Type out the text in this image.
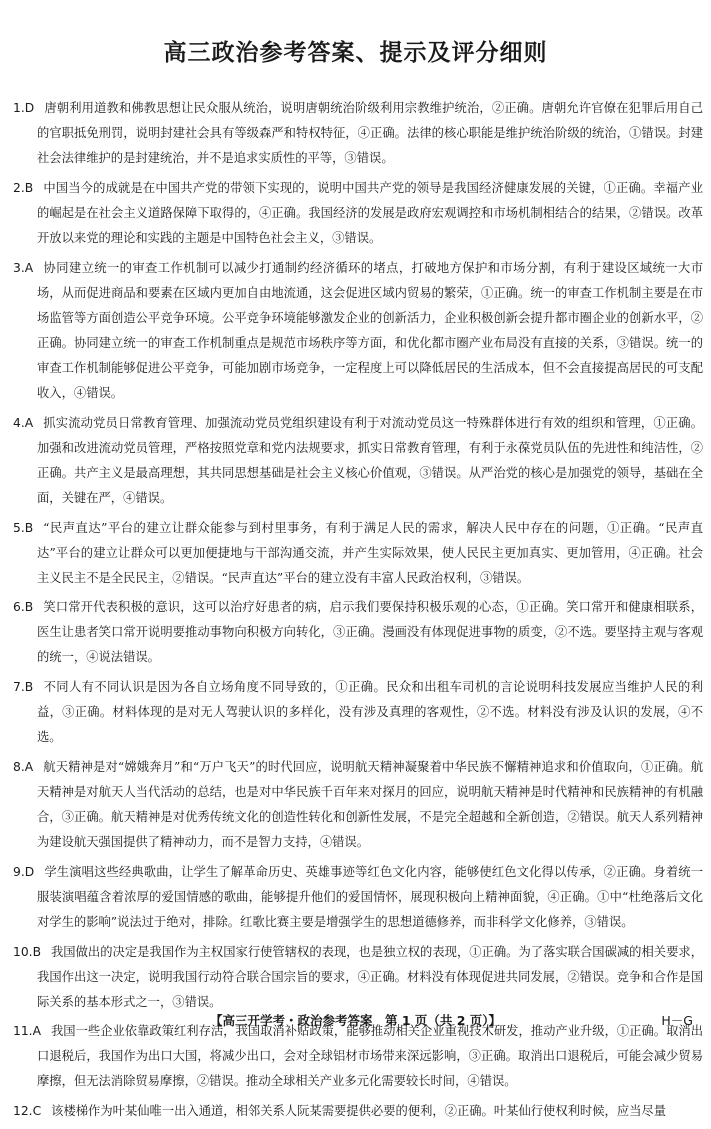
高三政治参考答案、提示及评分细则

1.D 唐朝利用道教和佛教思想让民众服从统治，说明唐朝统治阶级利用宗教维护统治，②正确。唐朝允许官僚在犯罪后用自己的官职抵免刑罚，说明封建社会具有等级森严和特权特征，④正确。法律的核心职能是维护统治阶级的统治，①错误。封建社会法律维护的是封建统治，并不是追求实质性的平等，③错误。

2.B 中国当今的成就是在中国共产党的带领下实现的，说明中国共产党的领导是我国经济健康发展的关键，①正确。幸福产业的崛起是在社会主义道路保障下取得的，④正确。我国经济的发展是政府宏观调控和市场机制相结合的结果，②错误。改革开放以来党的理论和实践的主题是中国特色社会主义，③错误。

3.A 协同建立统一的审查工作机制可以减少打通制约经济循环的堵点，打破地方保护和市场分割，有利于建设区域统一大市场，从而促进商品和要素在区域内更加自由地流通，这会促进区域内贸易的繁荣，①正确。统一的审查工作机制主要是在市场监管等方面创造公平竞争环境。公平竞争环境能够激发企业的创新活力，企业积极创新会提升都市圈企业的创新水平，②正确。协同建立统一的审查工作机制重点是规范市场秩序等方面，和优化都市圈产业布局没有直接的关系，③错误。统一的审查工作机制能够促进公平竞争，可能加剧市场竞争，一定程度上可以降低居民的生活成本，但不会直接提高居民的可支配收入，④错误。

4.A 抓实流动党员日常教育管理、加强流动党员党组织建设有利于对流动党员这一特殊群体进行有效的组织和管理，①正确。加强和改进流动党员管理，严格按照党章和党内法规要求，抓实日常教育管理，有利于永葆党员队伍的先进性和纯洁性，②正确。共产主义是最高理想，其共同思想基础是社会主义核心价值观，③错误。从严治党的核心是加强党的领导，基础在全面，关键在严，④错误。

5.B “民声直达”平台的建立让群众能参与到村里事务，有利于满足人民的需求，解决人民中存在的问题，①正确。“民声直达”平台的建立让群众可以更加便捷地与干部沟通交流，并产生实际效果，使人民民主更加真实、更加管用，④正确。社会主义民主不是全民民主，②错误。“民声直达”平台的建立没有丰富人民政治权利，③错误。

6.B 笑口常开代表积极的意识，这可以治疗好患者的病，启示我们要保持积极乐观的心态，①正确。笑口常开和健康相联系，医生让患者笑口常开说明要推动事物向积极方向转化，③正确。漫画没有体现促进事物的质变，②不选。要坚持主观与客观的统一，④说法错误。

7.B 不同人有不同认识是因为各自立场角度不同导致的，①正确。民众和出租车司机的言论说明科技发展应当维护人民的利益，③正确。材料体现的是对无人驾驶认识的多样化，没有涉及真理的客观性，②不选。材料没有涉及认识的发展，④不选。

8.A 航天精神是对“嫦娥奔月”和“万户飞天”的时代回应，说明航天精神凝聚着中华民族不懈精神追求和价值取向，①正确。航天精神是对航天人当代活动的总结，也是对中华民族千百年来对探月的回应，说明航天精神是时代精神和民族精神的有机融合，③正确。航天精神是对优秀传统文化的创造性转化和创新性发展，不是完全超越和全新创造，②错误。航天人系列精神为建设航天强国提供了精神动力，而不是智力支持，④错误。

9.D 学生演唱这些经典歌曲，让学生了解革命历史、英雄事迹等红色文化内容，能够使红色文化得以传承，②正确。身着统一服装演唱蕴含着浓厚的爱国情感的歌曲，能够提升他们的爱国情怀，展现积极向上精神面貌，④正确。①中“杜绝落后文化对学生的影响”说法过于绝对，排除。红歌比赛主要是增强学生的思想道德修养，而非科学文化修养，③错误。

10.B 我国做出的决定是我国作为主权国家行使管辖权的表现，也是独立权的表现，①正确。为了落实联合国碳减的相关要求，我国作出这一决定，说明我国行动符合联合国宗旨的要求，④正确。材料没有体现促进共同发展，②错误。竞争和合作是国际关系的基本形式之一，③错误。

11.A 我国一些企业依靠政策红利存活，我国取消补贴政策，能够推动相关企业重视技术研发，推动产业升级，①正确。取消出口退税后，我国作为出口大国，将减少出口，会对全球铝材市场带来深远影响，③正确。取消出口退税后，可能会减少贸易摩擦，但无法消除贸易摩擦，②错误。推动全球相关产业多元化需要较长时间，④错误。

12.C 该楼梯作为叶某仙唯一出入通道，相邻关系人阮某需要提供必要的便利，②正确。叶某仙行使权利时候，应当尽量

【高三开学考・政治参考答案　第 1 页（共 2 页）】	H－G
